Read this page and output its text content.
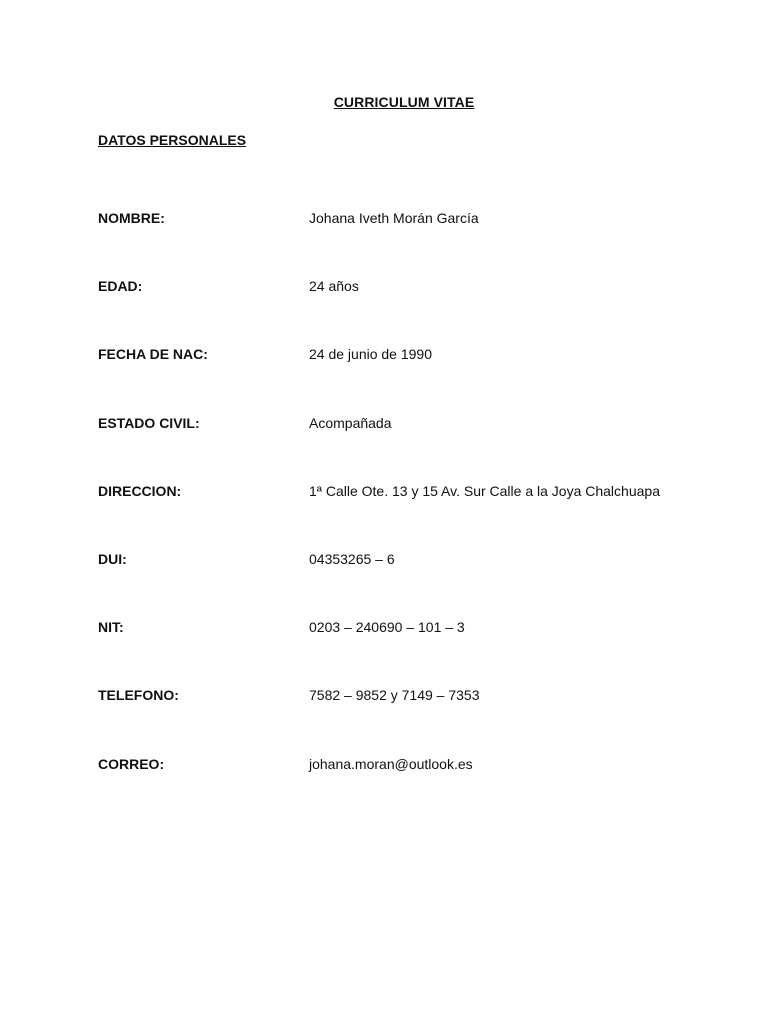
CURRICULUM VITAE
DATOS PERSONALES
NOMBRE:	Johana Iveth Morán García
EDAD:	24 años
FECHA DE NAC:	24 de junio de 1990
ESTADO CIVIL:	Acompañada
DIRECCION:	1ª Calle Ote. 13 y 15 Av. Sur Calle a la Joya Chalchuapa
DUI:	04353265 – 6
NIT:	0203 – 240690 – 101 – 3
TELEFONO:	7582 – 9852 y 7149 – 7353
CORREO:	johana.moran@outlook.es
